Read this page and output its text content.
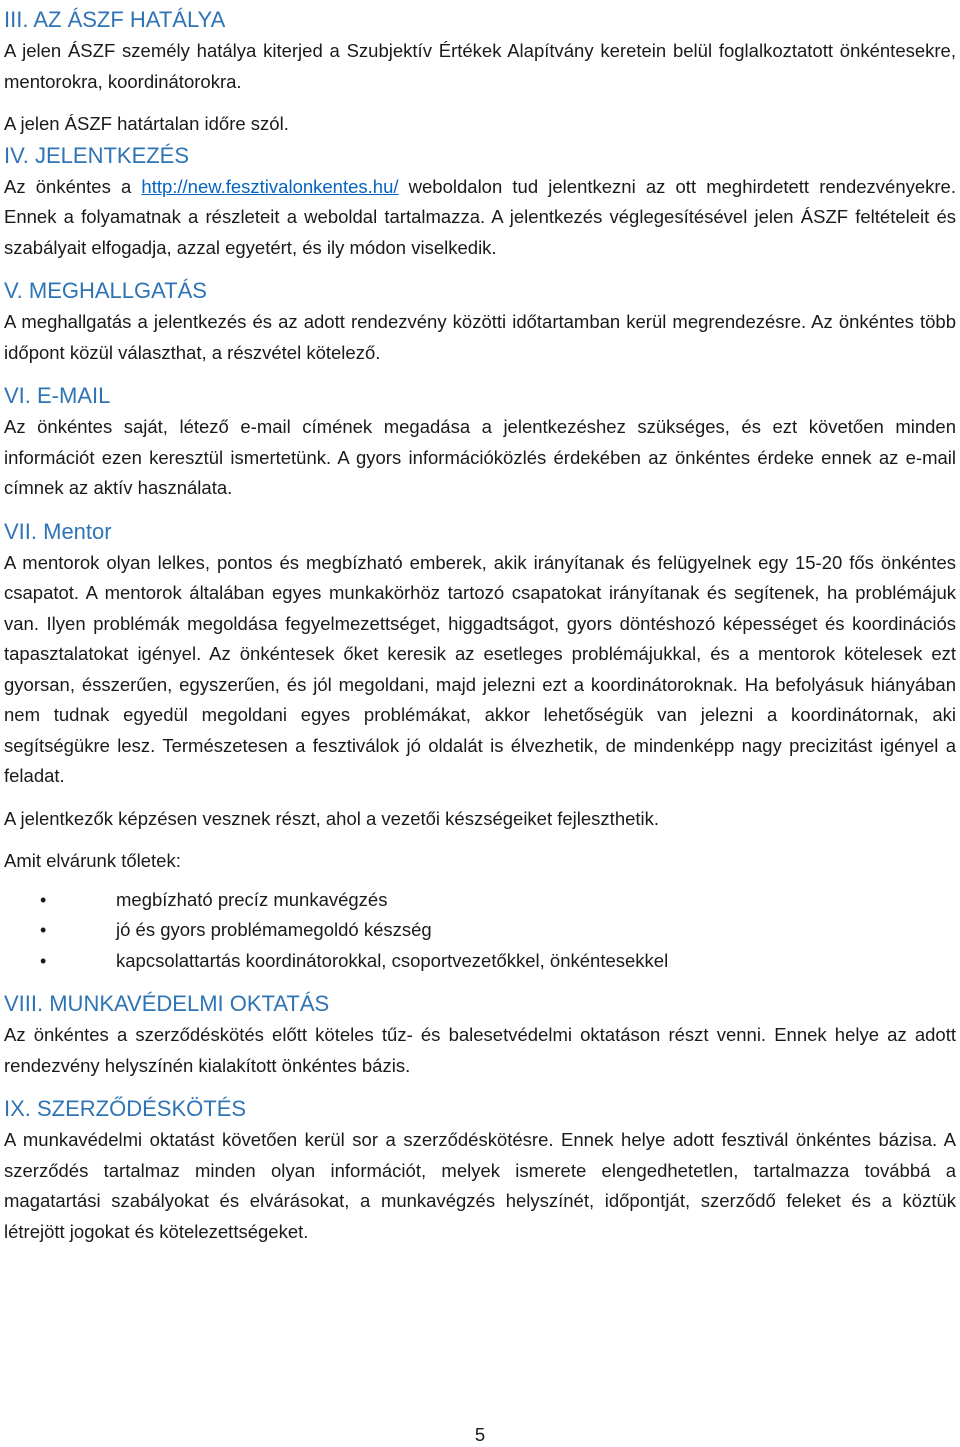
III. AZ ÁSZF HATÁLYA

A jelen ÁSZF személy hatálya kiterjed a Szubjektív Értékek Alapítvány keretein belül foglalkoztatott önkéntesekre, mentorokra, koordinátorokra.

A jelen ÁSZF határtalan időre szól.

IV. JELENTKEZÉS

Az önkéntes a http://new.fesztivalonkentes.hu/ weboldalon tud jelentkezni az ott meghirdetett rendezvényekre. Ennek a folyamatnak a részleteit a weboldal tartalmazza. A jelentkezés véglegesítésével jelen ÁSZF feltételeit és szabályait elfogadja, azzal egyetért, és ily módon viselkedik.

V. MEGHALLGATÁS

A meghallgatás a jelentkezés és az adott rendezvény közötti időtartamban kerül megrendezésre. Az önkéntes több időpont közül választhat, a részvétel kötelező.

VI. E-MAIL

Az önkéntes saját, létező e-mail címének megadása a jelentkezéshez szükséges, és ezt követően minden információt ezen keresztül ismertetünk. A gyors információközlés érdekében az önkéntes érdeke ennek az e-mail címnek az aktív használata.

VII. Mentor

A mentorok olyan lelkes, pontos és megbízható emberek, akik irányítanak és felügyelnek egy 15-20 fős önkéntes csapatot. A mentorok általában egyes munkakörhöz tartozó csapatokat irányítanak és segítenek, ha problémájuk van. Ilyen problémák megoldása fegyelmezettséget, higgadtságot, gyors döntéshozó képességet és koordinációs tapasztalatokat igényel. Az önkéntesek őket keresik az esetleges problémájukkal, és a mentorok kötelesek ezt gyorsan, ésszerűen, egyszerűen, és jól megoldani, majd jelezni ezt a koordinátoroknak. Ha befolyásuk hiányában nem tudnak egyedül megoldani egyes problémákat, akkor lehetőségük van jelezni a koordinátornak, aki segítségükre lesz. Természetesen a fesztiválok jó oldalát is élvezhetik, de mindenképp nagy precizitást igényel a feladat.

A jelentkezők képzésen vesznek részt, ahol a vezetői készségeiket fejleszthetik.

Amit elvárunk tőletek:

•	megbízható precíz munkavégzés
•	jó és gyors problémamegoldó készség
•	kapcsolattartás koordinátorokkal, csoportvezetőkkel, önkéntesekkel
VIII. MUNKAVÉDELMI OKTATÁS

Az önkéntes a szerződéskötés előtt köteles tűz- és balesetvédelmi oktatáson részt venni. Ennek helye az adott rendezvény helyszínén kialakított önkéntes bázis.

IX. SZERZŐDÉSKÖTÉS

A munkavédelmi oktatást követően kerül sor a szerződéskötésre. Ennek helye adott fesztivál önkéntes bázisa. A szerződés tartalmaz minden olyan információt, melyek ismerete elengedhetetlen, tartalmazza továbbá a magatartási szabályokat és elvárásokat, a munkavégzés helyszínét, időpontját, szerződő feleket és a köztük létrejött jogokat és kötelezettségeket.

5
